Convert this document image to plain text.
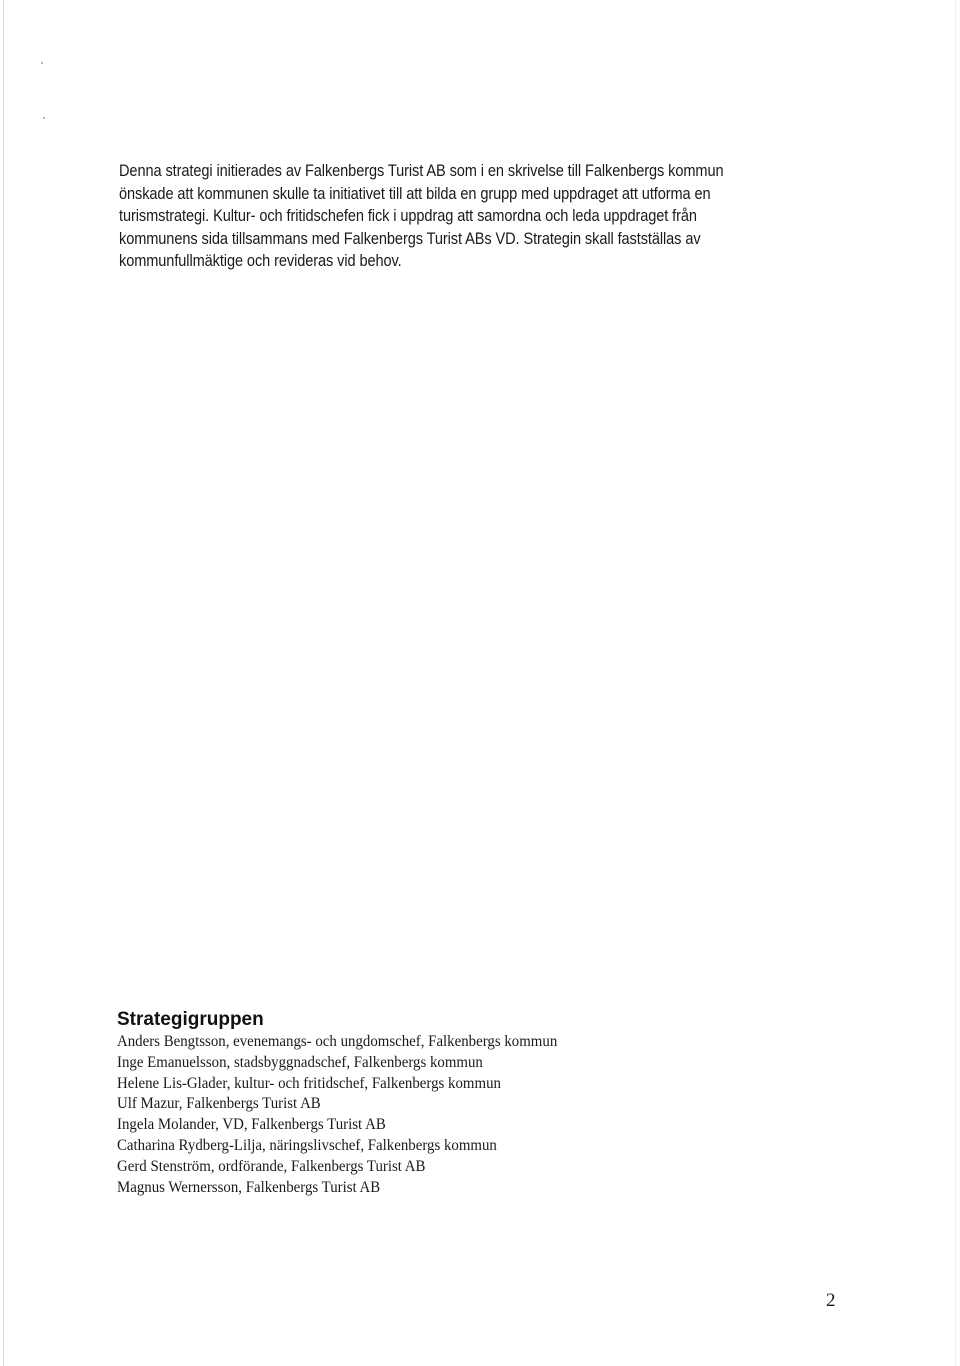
Denna strategi initierades av Falkenbergs Turist AB som i en skrivelse till Falkenbergs kommun
önskade att kommunen skulle ta initiativet till att bilda en grupp med uppdraget att utforma en
turismstrategi. Kultur- och fritidschefen fick i uppdrag att samordna och leda uppdraget från
kommunens sida tillsammans med Falkenbergs Turist ABs VD. Strategin skall fastställas av
kommunfullmäktige och revideras vid behov.

Strategigruppen
Anders Bengtsson, evenemangs- och ungdomschef, Falkenbergs kommun
Inge Emanuelsson, stadsbyggnadschef, Falkenbergs kommun
Helene Lis-Glader, kultur- och fritidschef, Falkenbergs kommun
Ulf Mazur, Falkenbergs Turist AB
Ingela Molander, VD, Falkenbergs Turist AB
Catharina Rydberg-Lilja, näringslivschef, Falkenbergs kommun
Gerd Stenström, ordförande, Falkenbergs Turist AB
Magnus Wernersson, Falkenbergs Turist AB
2
